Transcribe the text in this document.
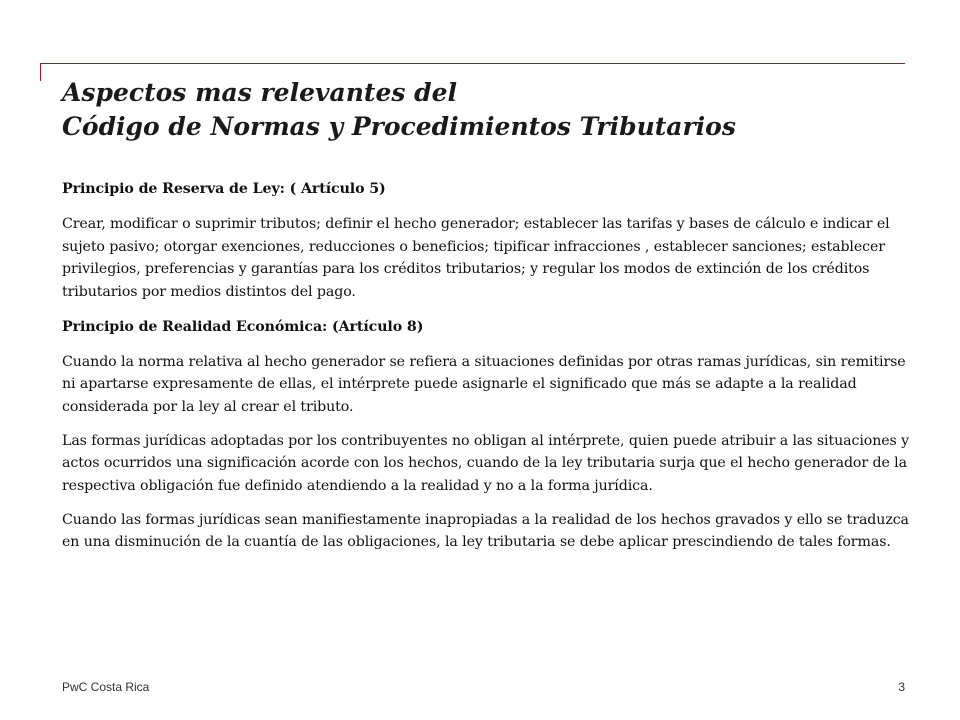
Aspectos mas relevantes del
Código de Normas y Procedimientos Tributarios

Principio de Reserva de Ley: ( Artículo 5)

Crear, modificar o suprimir tributos; definir el hecho generador; establecer las tarifas y bases de cálculo e indicar el sujeto pasivo; otorgar exenciones, reducciones o beneficios; tipificar infracciones , establecer sanciones; establecer privilegios, preferencias y garantías para los créditos tributarios; y regular los modos de extinción de los créditos tributarios por medios distintos del pago.

Principio de Realidad Económica: (Artículo 8)

Cuando la norma relativa al hecho generador se refiera a situaciones definidas por otras ramas jurídicas, sin remitirse ni apartarse expresamente de ellas, el intérprete puede asignarle el significado que más se adapte a la realidad considerada por la ley al crear el tributo.

Las formas jurídicas adoptadas por los contribuyentes no obligan al intérprete, quien puede atribuir a las situaciones y actos ocurridos una significación acorde con los hechos, cuando de la ley tributaria surja que el hecho generador de la respectiva obligación fue definido atendiendo a la realidad y no a la forma jurídica.

Cuando las formas jurídicas sean manifiestamente inapropiadas a la realidad de los hechos gravados y ello se traduzca en una disminución de la cuantía de las obligaciones, la ley tributaria se debe aplicar prescindiendo de tales formas.

PwC Costa Rica	3
